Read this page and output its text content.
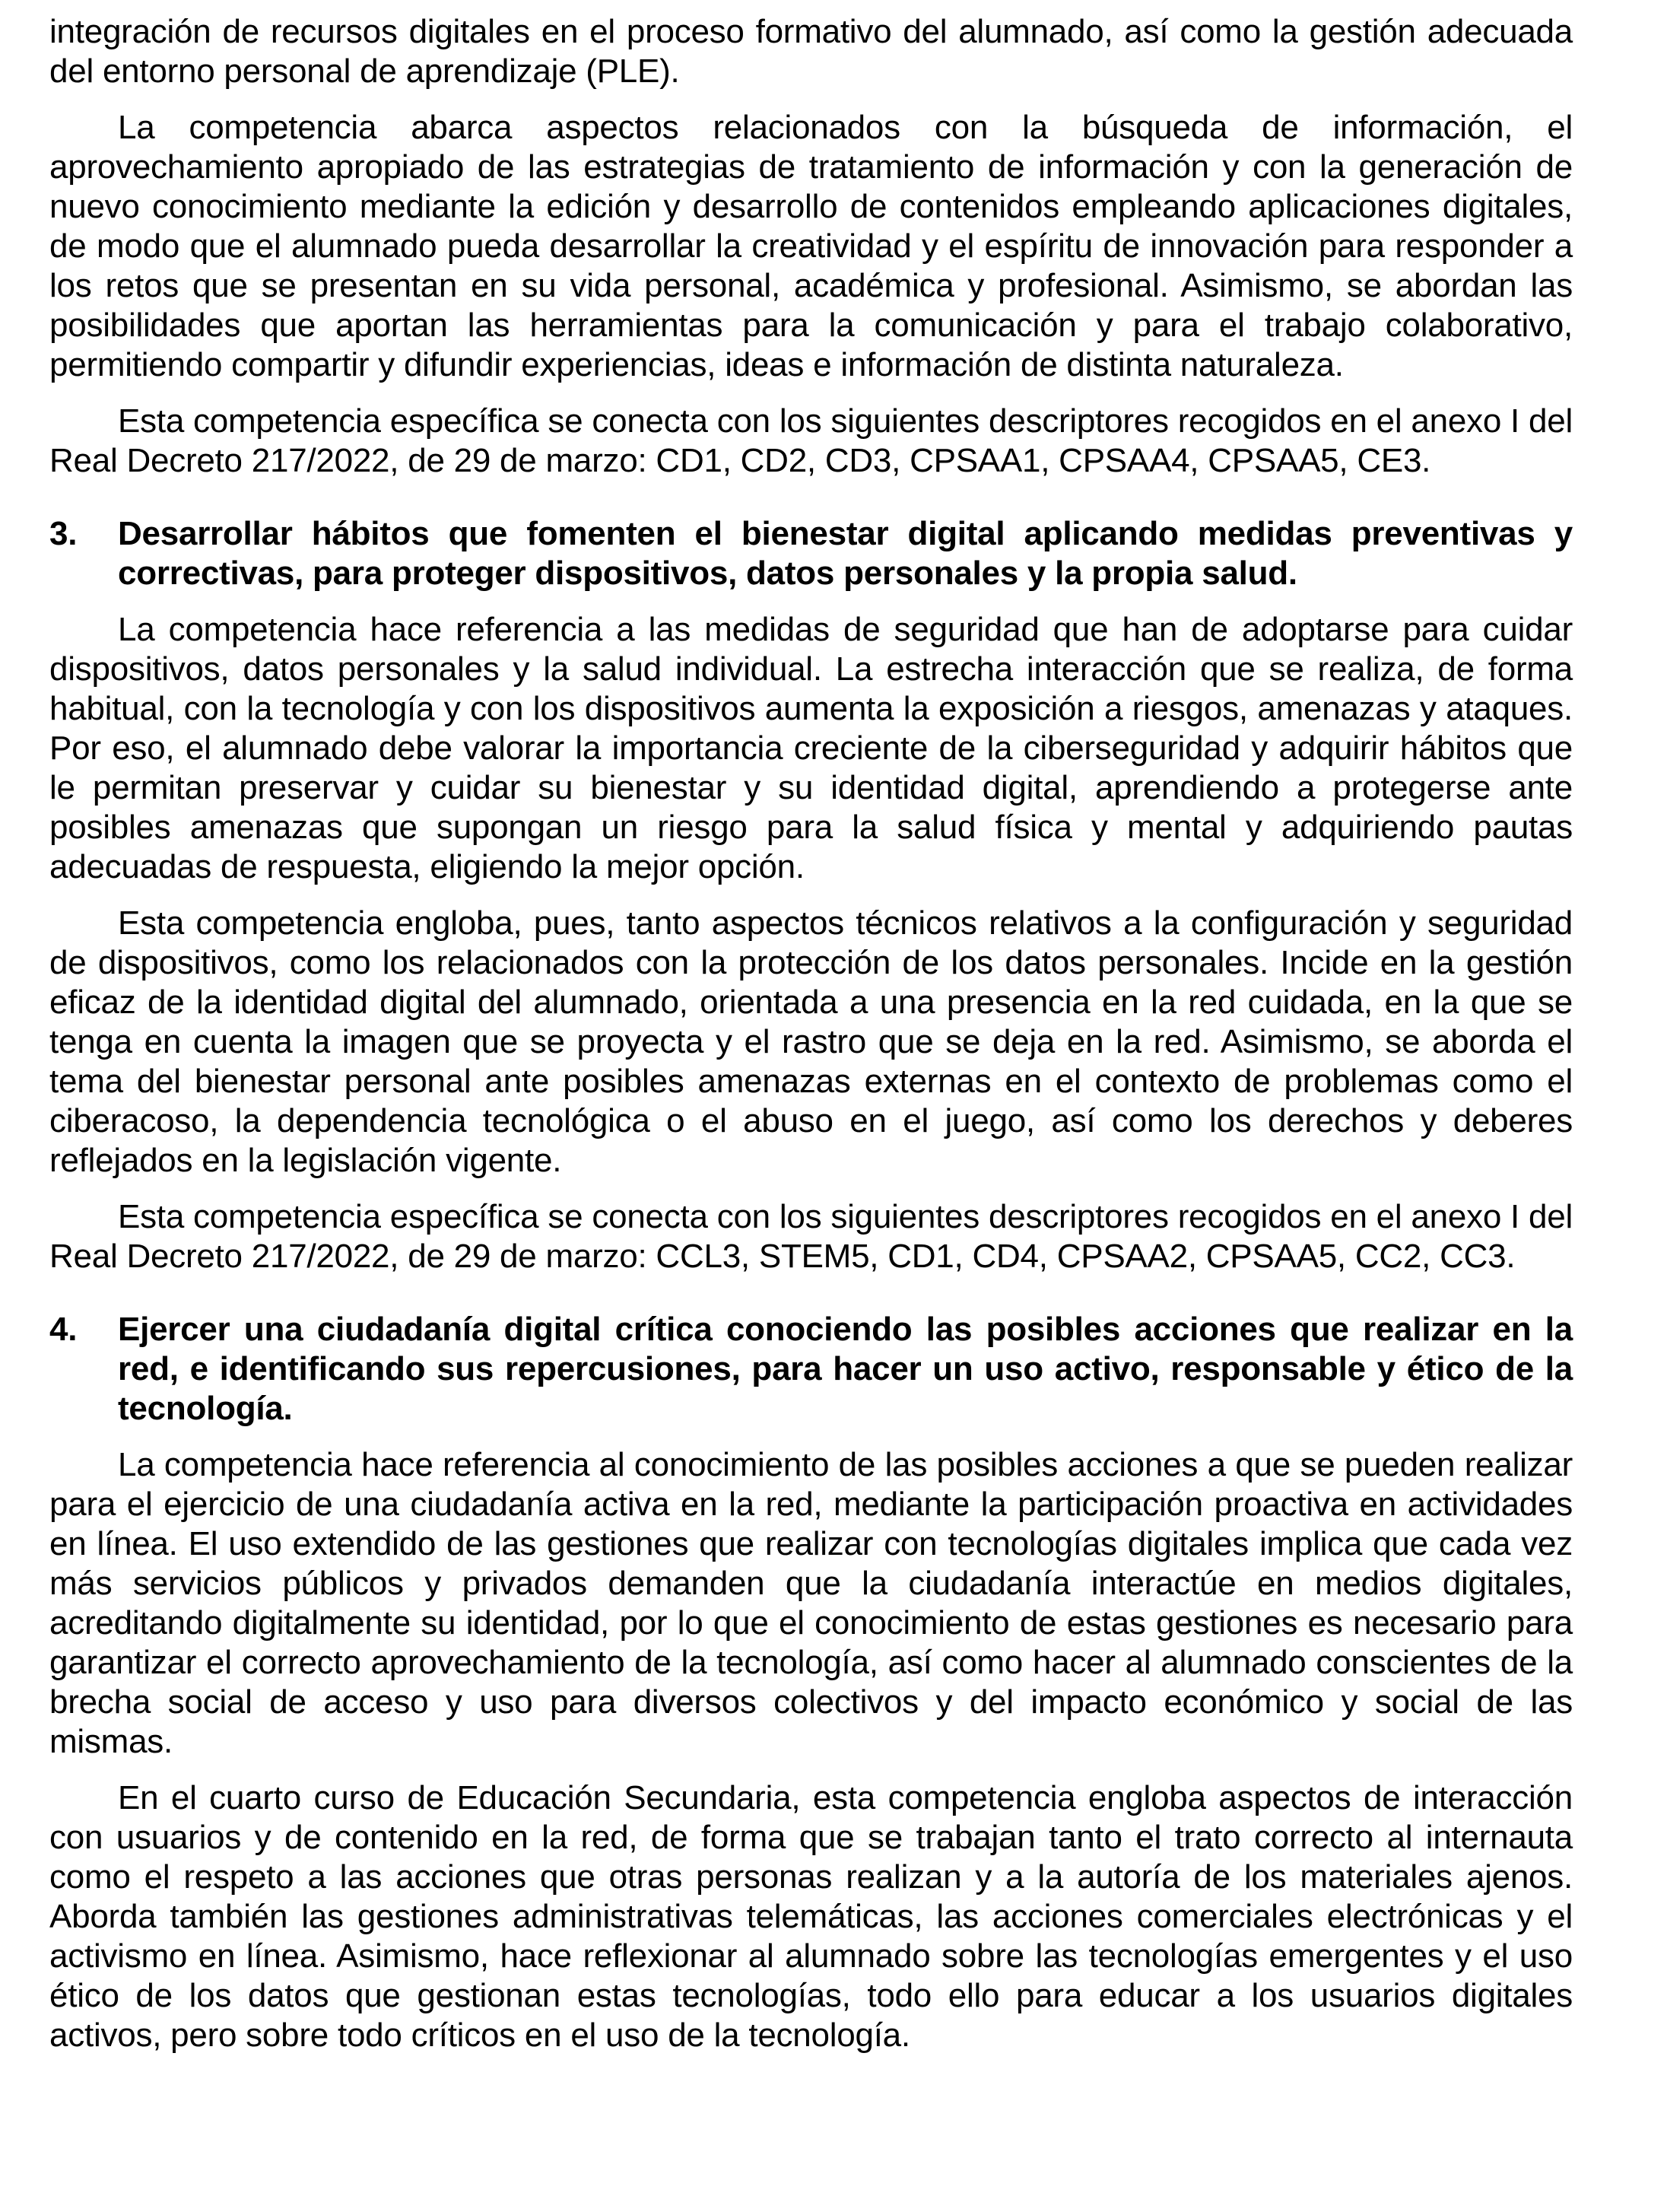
integración de recursos digitales en el proceso formativo del alumnado, así como la gestión adecuada del entorno personal de aprendizaje (PLE).

La competencia abarca aspectos relacionados con la búsqueda de información, el aprovechamiento apropiado de las estrategias de tratamiento de información y con la generación de nuevo conocimiento mediante la edición y desarrollo de contenidos empleando aplicaciones digitales, de modo que el alumnado pueda desarrollar la creatividad y el espíritu de innovación para responder a los retos que se presentan en su vida personal, académica y profesional. Asimismo, se abordan las posibilidades que aportan las herramientas para la comunicación y para el trabajo colaborativo, permitiendo compartir y difundir experiencias, ideas e información de distinta naturaleza.

Esta competencia específica se conecta con los siguientes descriptores recogidos en el anexo I del Real Decreto 217/2022, de 29 de marzo: CD1, CD2, CD3, CPSAA1, CPSAA4, CPSAA5, CE3.

3.	Desarrollar hábitos que fomenten el bienestar digital aplicando medidas preventivas y correctivas, para proteger dispositivos, datos personales y la propia salud.

La competencia hace referencia a las medidas de seguridad que han de adoptarse para cuidar dispositivos, datos personales y la salud individual. La estrecha interacción que se realiza, de forma habitual, con la tecnología y con los dispositivos aumenta la exposición a riesgos, amenazas y ataques. Por eso, el alumnado debe valorar la importancia creciente de la ciberseguridad y adquirir hábitos que le permitan preservar y cuidar su bienestar y su identidad digital, aprendiendo a protegerse ante posibles amenazas que supongan un riesgo para la salud física y mental y adquiriendo pautas adecuadas de respuesta, eligiendo la mejor opción.

Esta competencia engloba, pues, tanto aspectos técnicos relativos a la configuración y seguridad de dispositivos, como los relacionados con la protección de los datos personales. Incide en la gestión eficaz de la identidad digital del alumnado, orientada a una presencia en la red cuidada, en la que se tenga en cuenta la imagen que se proyecta y el rastro que se deja en la red. Asimismo, se aborda el tema del bienestar personal ante posibles amenazas externas en el contexto de problemas como el ciberacoso, la dependencia tecnológica o el abuso en el juego, así como los derechos y deberes reflejados en la legislación vigente.

Esta competencia específica se conecta con los siguientes descriptores recogidos en el anexo I del Real Decreto 217/2022, de 29 de marzo: CCL3, STEM5, CD1, CD4, CPSAA2, CPSAA5, CC2, CC3.

4.	Ejercer una ciudadanía digital crítica conociendo las posibles acciones que realizar en la red, e identificando sus repercusiones, para hacer un uso activo, responsable y ético de la tecnología.

La competencia hace referencia al conocimiento de las posibles acciones a que se pueden realizar para el ejercicio de una ciudadanía activa en la red, mediante la participación proactiva en actividades en línea. El uso extendido de las gestiones que realizar con tecnologías digitales implica que cada vez más servicios públicos y privados demanden que la ciudadanía interactúe en medios digitales, acreditando digitalmente su identidad, por lo que el conocimiento de estas gestiones es necesario para garantizar el correcto aprovechamiento de la tecnología, así como hacer al alumnado conscientes de la brecha social de acceso y uso para diversos colectivos y del impacto económico y social de las mismas.

En el cuarto curso de Educación Secundaria, esta competencia engloba aspectos de interacción con usuarios y de contenido en la red, de forma que se trabajan tanto el trato correcto al internauta como el respeto a las acciones que otras personas realizan y a la autoría de los materiales ajenos. Aborda también las gestiones administrativas telemáticas, las acciones comerciales electrónicas y el activismo en línea. Asimismo, hace reflexionar al alumnado sobre las tecnologías emergentes y el uso ético de los datos que gestionan estas tecnologías, todo ello para educar a los usuarios digitales activos, pero sobre todo críticos en el uso de la tecnología.
